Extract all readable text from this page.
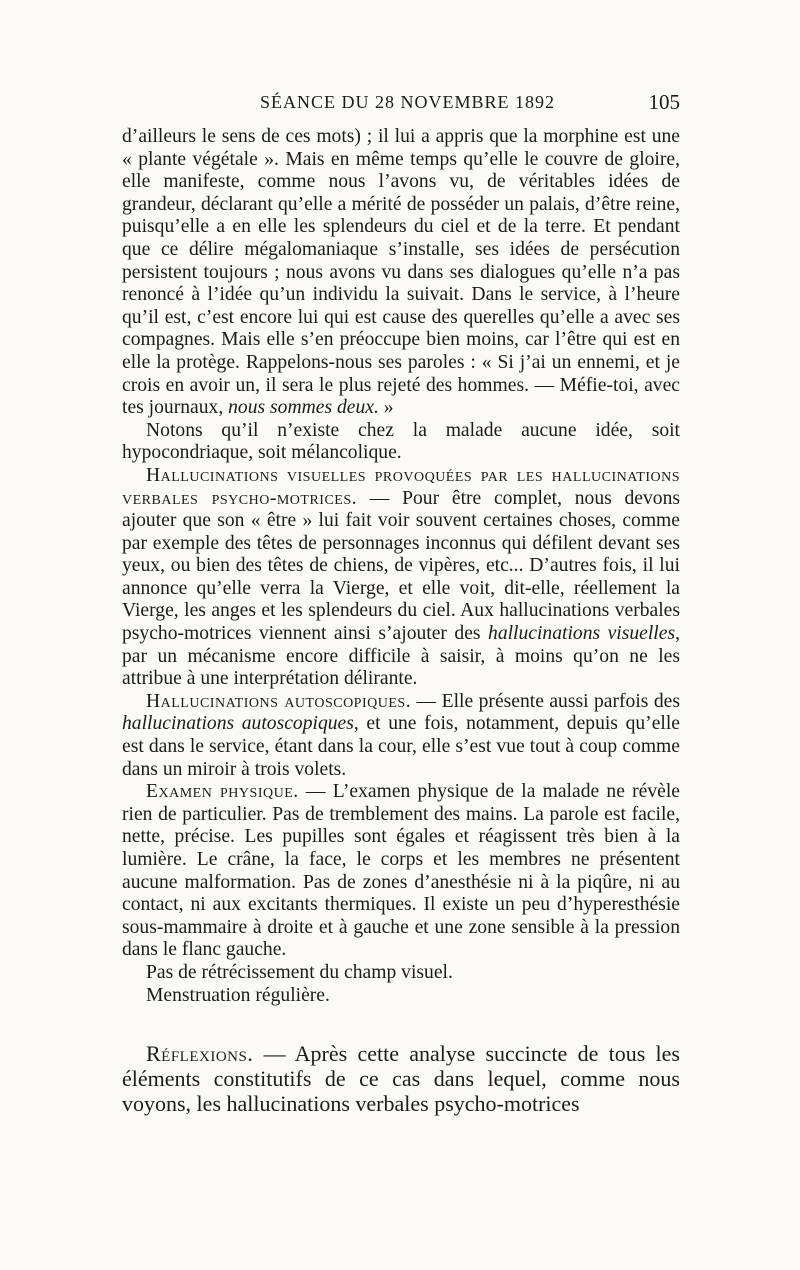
SÉANCE DU 28 NOVEMBRE 1892	105

d’ailleurs le sens de ces mots) ; il lui a appris que la morphine est une « plante végétale ». Mais en même temps qu’elle le couvre de gloire, elle manifeste, comme nous l’avons vu, de véritables idées de grandeur, déclarant qu’elle a mérité de posséder un palais, d’être reine, puisqu’elle a en elle les splendeurs du ciel et de la terre. Et pendant que ce délire mégalomaniaque s’installe, ses idées de persécution persistent toujours ; nous avons vu dans ses dialogues qu’elle n’a pas renoncé à l’idée qu’un individu la suivait. Dans le service, à l’heure qu’il est, c’est encore lui qui est cause des querelles qu’elle a avec ses compagnes. Mais elle s’en préoccupe bien moins, car l’être qui est en elle la protège. Rappelons-nous ses paroles : « Si j’ai un ennemi, et je crois en avoir un, il sera le plus rejeté des hommes. — Méfie-toi, avec tes journaux, nous sommes deux. »

Notons qu’il n’existe chez la malade aucune idée, soit hypocondriaque, soit mélancolique.

Hallucinations visuelles provoquées par les hallucinations verbales psycho-motrices. — Pour être complet, nous devons ajouter que son « être » lui fait voir souvent certaines choses, comme par exemple des têtes de personnages inconnus qui défilent devant ses yeux, ou bien des têtes de chiens, de vipères, etc... D’autres fois, il lui annonce qu’elle verra la Vierge, et elle voit, dit-elle, réellement la Vierge, les anges et les splendeurs du ciel. Aux hallucinations verbales psycho-motrices viennent ainsi s’ajouter des hallucinations visuelles, par un mécanisme encore difficile à saisir, à moins qu’on ne les attribue à une interprétation délirante.

Hallucinations autoscopiques. — Elle présente aussi parfois des hallucinations autoscopiques, et une fois, notamment, depuis qu’elle est dans le service, étant dans la cour, elle s’est vue tout à coup comme dans un miroir à trois volets.

Examen physique. — L’examen physique de la malade ne révèle rien de particulier. Pas de tremblement des mains. La parole est facile, nette, précise. Les pupilles sont égales et réagissent très bien à la lumière. Le crâne, la face, le corps et les membres ne présentent aucune malformation. Pas de zones d’anesthésie ni à la piqûre, ni au contact, ni aux excitants thermiques. Il existe un peu d’hyperesthésie sous-mammaire à droite et à gauche et une zone sensible à la pression dans le flanc gauche.

Pas de rétrécissement du champ visuel.

Menstruation régulière.

Réflexions. — Après cette analyse succincte de tous les éléments constitutifs de ce cas dans lequel, comme nous voyons, les hallucinations verbales psycho-motrices
